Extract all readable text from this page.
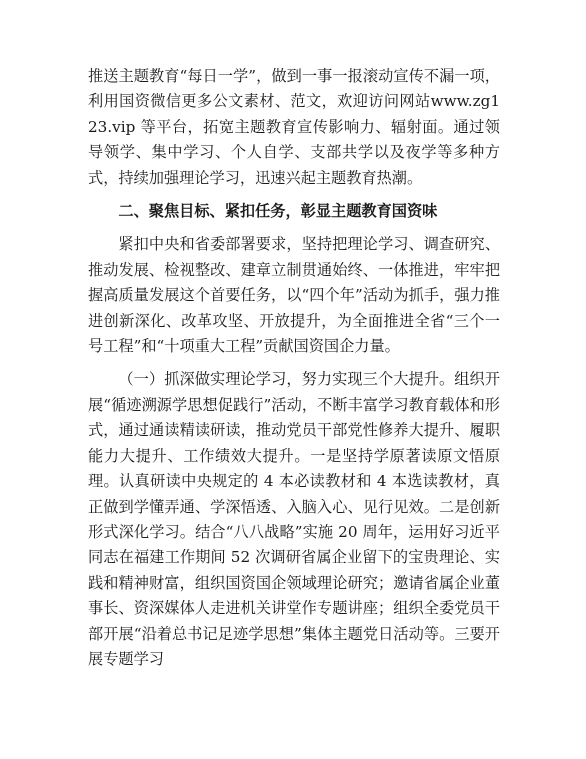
推送主题教育“每日一学”，做到一事一报滚动宣传不漏一项，利用国资微信更多公文素材、范文，欢迎访问网站www.zg123.vip 等平台，拓宽主题教育宣传影响力、辐射面。通过领导领学、集中学习、个人自学、支部共学以及夜学等多种方式，持续加强理论学习，迅速兴起主题教育热潮。

二、聚焦目标、紧扣任务，彰显主题教育国资味

紧扣中央和省委部署要求，坚持把理论学习、调查研究、推动发展、检视整改、建章立制贯通始终、一体推进，牢牢把握高质量发展这个首要任务，以“四个年”活动为抓手，强力推进创新深化、改革攻坚、开放提升，为全面推进全省“三个一号工程”和“十项重大工程”贡献国资国企力量。

（一）抓深做实理论学习，努力实现三个大提升。组织开展“循迹溯源学思想促践行”活动，不断丰富学习教育载体和形式，通过通读精读研读，推动党员干部党性修养大提升、履职能力大提升、工作绩效大提升。一是坚持学原著读原文悟原理。认真研读中央规定的 4 本必读教材和 4 本选读教材，真正做到学懂弄通、学深悟透、入脑入心、见行见效。二是创新形式深化学习。结合“八八战略”实施 20 周年，运用好习近平同志在福建工作期间 52 次调研省属企业留下的宝贵理论、实践和精神财富，组织国资国企领域理论研究；邀请省属企业董事长、资深媒体人走进机关讲堂作专题讲座；组织全委党员干部开展“沿着总书记足迹学思想”集体主题党日活动等。三要开展专题学习
